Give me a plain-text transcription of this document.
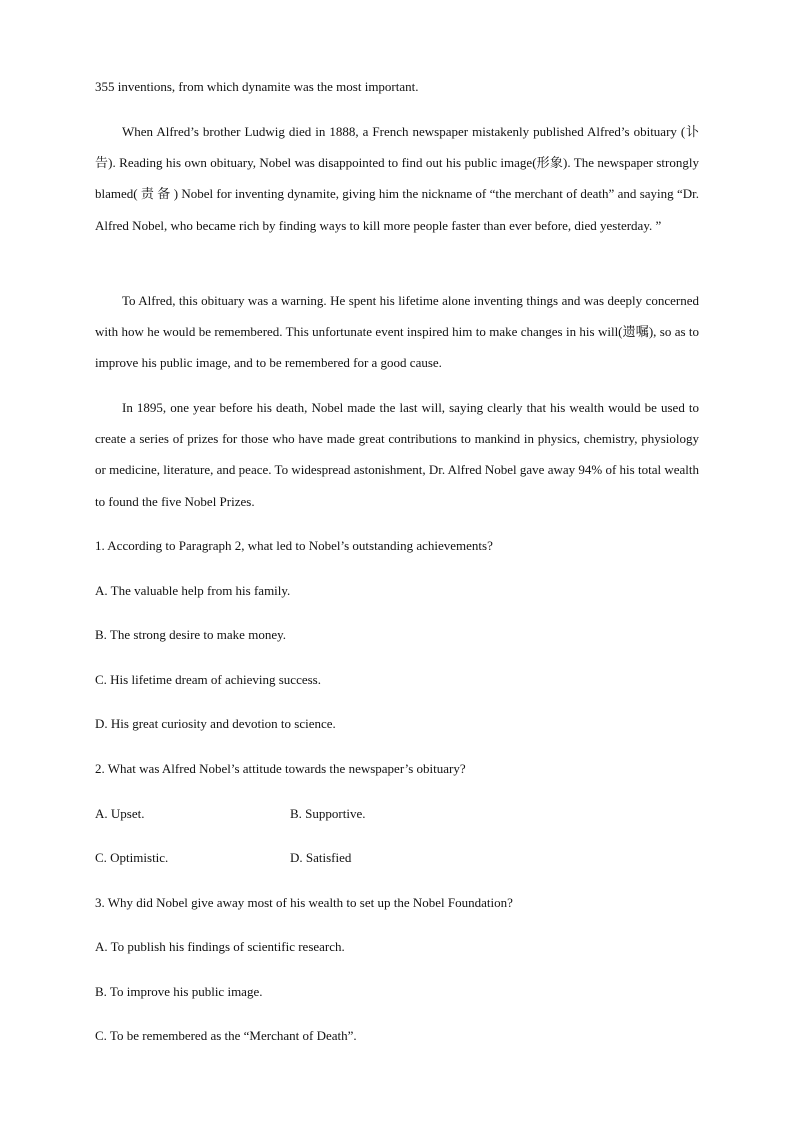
355 inventions, from which dynamite was the most important.

When Alfred’s brother Ludwig died in 1888, a French newspaper mistakenly published Alfred’s obituary (讣告). Reading his own obituary, Nobel was disappointed to find out his public image(形象). The newspaper strongly blamed( 责 备 ) Nobel for inventing dynamite, giving him the nickname of “the merchant of death” and saying “Dr. Alfred Nobel, who became rich by finding ways to kill more people faster than ever before, died yesterday. ”

To Alfred, this obituary was a warning. He spent his lifetime alone inventing things and was deeply concerned with how he would be remembered. This unfortunate event inspired him to make changes in his will(遗嘱), so as to improve his public image, and to be remembered for a good cause.

In 1895, one year before his death, Nobel made the last will, saying clearly that his wealth would be used to create a series of prizes for those who have made great contributions to mankind in physics, chemistry, physiology or medicine, literature, and peace. To widespread astonishment, Dr. Alfred Nobel gave away 94% of his total wealth to found the five Nobel Prizes.

1. According to Paragraph 2, what led to Nobel’s outstanding achievements?

A. The valuable help from his family.

B. The strong desire to make money.

C. His lifetime dream of achieving success.

D. His great curiosity and devotion to science.

2. What was Alfred Nobel’s attitude towards the newspaper’s obituary?

A. Upset.	B. Supportive.
C. Optimistic.	D. Satisfied

3. Why did Nobel give away most of his wealth to set up the Nobel Foundation?

A. To publish his findings of scientific research.

B. To improve his public image.

C. To be remembered as the “Merchant of Death”.
